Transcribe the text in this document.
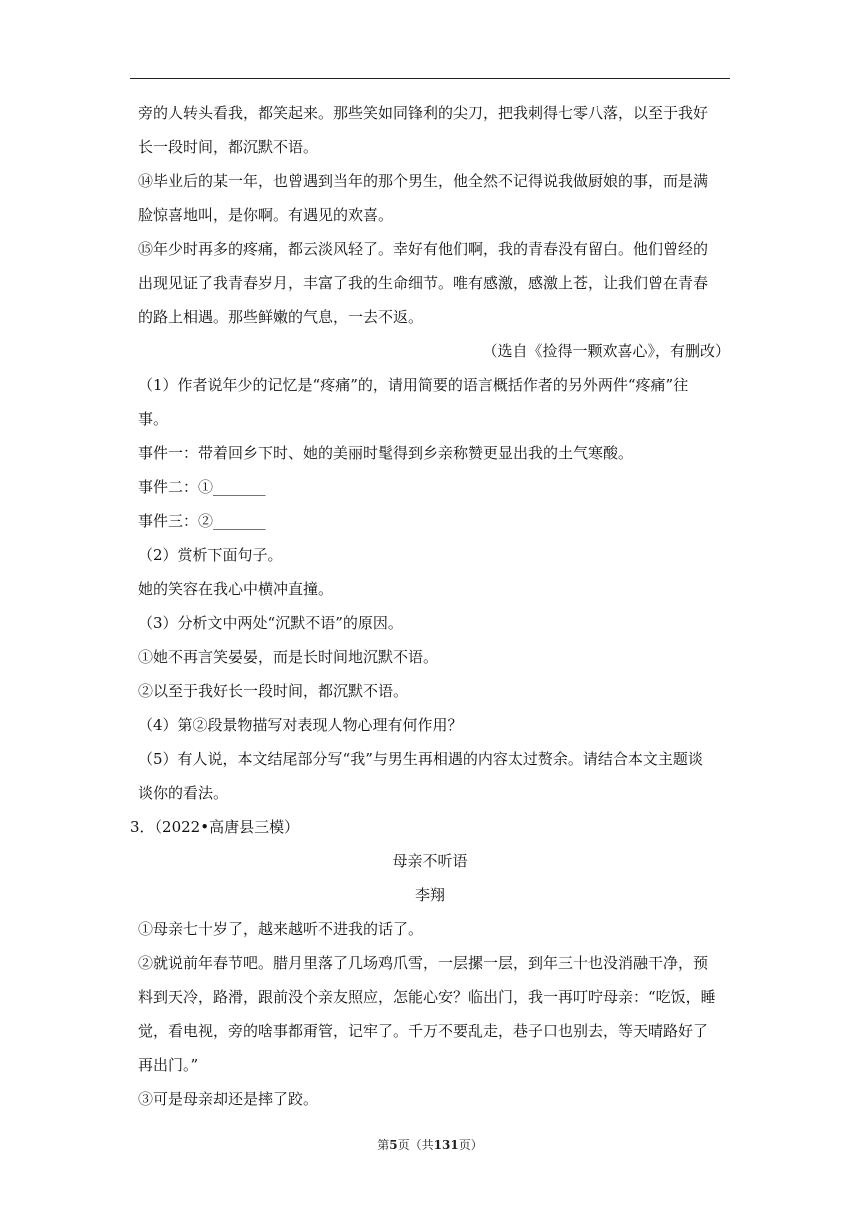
旁的人转头看我，都笑起来。那些笑如同锋利的尖刀，把我刺得七零八落，以至于我好
长一段时间，都沉默不语。
⑭毕业后的某一年，也曾遇到当年的那个男生，他全然不记得说我做厨娘的事，而是满
脸惊喜地叫，是你啊。有遇见的欢喜。
⑮年少时再多的疼痛，都云淡风轻了。幸好有他们啊，我的青春没有留白。他们曾经的
出现见证了我青春岁月，丰富了我的生命细节。唯有感激，感激上苍，让我们曾在青春
的路上相遇。那些鲜嫩的气息，一去不返。
（选自《捡得一颗欢喜心》，有删改）
（1）作者说年少的记忆是“疼痛”的，请用简要的语言概括作者的另外两件“疼痛”往
事。
事件一：带着回乡下时、她的美丽时髦得到乡亲称赞更显出我的土气寒酸。
事件二：①_______
事件三：②_______
（2）赏析下面句子。
她的笑容在我心中横冲直撞。
（3）分析文中两处“沉默不语”的原因。
①她不再言笑晏晏，而是长时间地沉默不语。
②以至于我好长一段时间，都沉默不语。
（4）第②段景物描写对表现人物心理有何作用？
（5）有人说，本文结尾部分写“我”与男生再相遇的内容太过赘余。请结合本文主题谈
谈你的看法。
3．（2022•高唐县三模）
母亲不听语
李翔
①母亲七十岁了，越来越听不进我的话了。
②就说前年春节吧。腊月里落了几场鸡爪雪，一层摞一层，到年三十也没消融干净，预
料到天冷，路滑，跟前没个亲友照应，怎能心安？临出门，我一再叮咛母亲：“吃饭，睡
觉，看电视，旁的啥事都甭管，记牢了。千万不要乱走，巷子口也别去，等天晴路好了
再出门。”
③可是母亲却还是摔了跤。
第5页（共131页）
